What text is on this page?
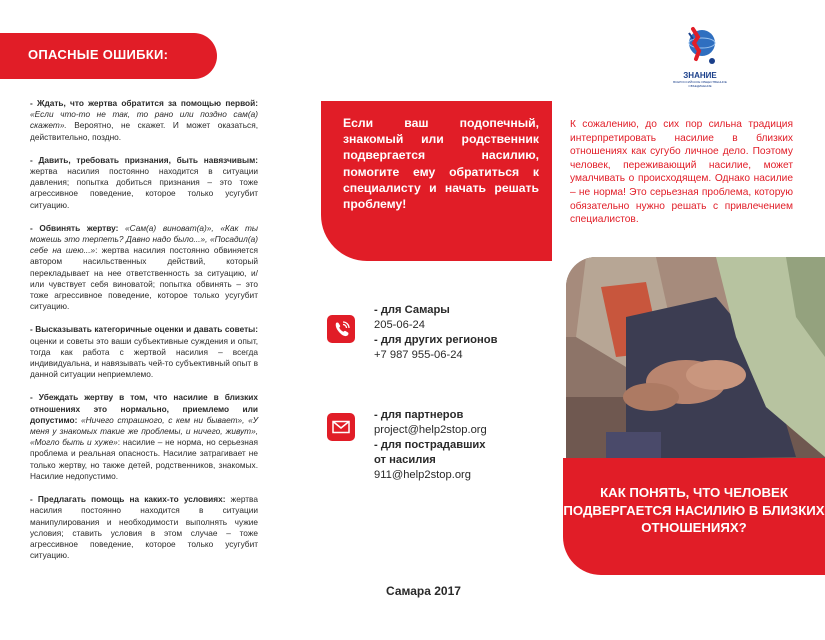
ОПАСНЫЕ ОШИБКИ:

- Ждать, что жертва обратится за помощью первой: «Если что-то не так, то рано или поздно сам(а) скажет». Вероятно, не скажет. И может оказаться, действительно, поздно.

- Давить, требовать признания, быть навязчивым: жертва насилия постоянно находится в ситуации давления; попытка добиться признания – это тоже агрессивное поведение, которое только усугубит ситуацию.

- Обвинять жертву: «Сам(а) виноват(а)», «Как ты можешь это терпеть? Давно надо было...», «Посадил(а) себе на шею...»: жертва насилия постоянно обвиняется автором насильственных действий, который перекладывает на нее ответственность за ситуацию, и/ или чувствует себя виноватой; попытка обвинять – это тоже агрессивное поведение, которое только усугубит ситуацию.

- Высказывать категоричные оценки и давать советы: оценки и советы это ваши субъективные суждения и опыт, тогда как работа с жертвой насилия – всегда индивидуальна, и навязывать чей-то субъективный опыт в данной ситуации неприемлемо.

- Убеждать жертву в том, что насилие в близких отношениях это нормально, приемлемо или допустимо: «Ничего страшного, с кем ни бывает», «У меня у знакомых такие же проблемы, и ничего, живут», «Могло быть и хуже»: насилие – не норма, но серьезная проблема и реальная опасность. Насилие затрагивает не только жертву, но также детей, родственников, знакомых. Насилие недопустимо.

- Предлагать помощь на каких-то условиях: жертва насилия постоянно находится в ситуации манипулирования и необходимости выполнять чужие условия; ставить условия в этом случае – тоже агрессивное поведение, которое только усугубит ситуацию.

ЗНАНИЕ
ВСЕРОССИЙСКОЕ ОБЩЕСТВЕННОЕ ОБЪЕДИНЕНИЕ

Если ваш подопечный, знакомый или родственник подвергается насилию, помогите ему обратиться к специалисту и начать решать проблему!

К сожалению, до сих пор сильна традиция интерпретировать насилие в близких отношениях как сугубо личное дело. Поэтому человек, переживающий насилие, может умалчивать о происходящем. Однако насилие – не норма! Это серьезная проблема, которую обязательно нужно решать с привлечением специалистов.

- для Самары
205-06-24
- для других регионов
+7 987 955-06-24
- для партнеров
project@help2stop.org
- для пострадавших
от насилия
911@help2stop.org
Самара 2017

КАК ПОНЯТЬ, ЧТО ЧЕЛОВЕК ПОДВЕРГАЕТСЯ НАСИЛИЮ В БЛИЗКИХ ОТНОШЕНИЯХ?
